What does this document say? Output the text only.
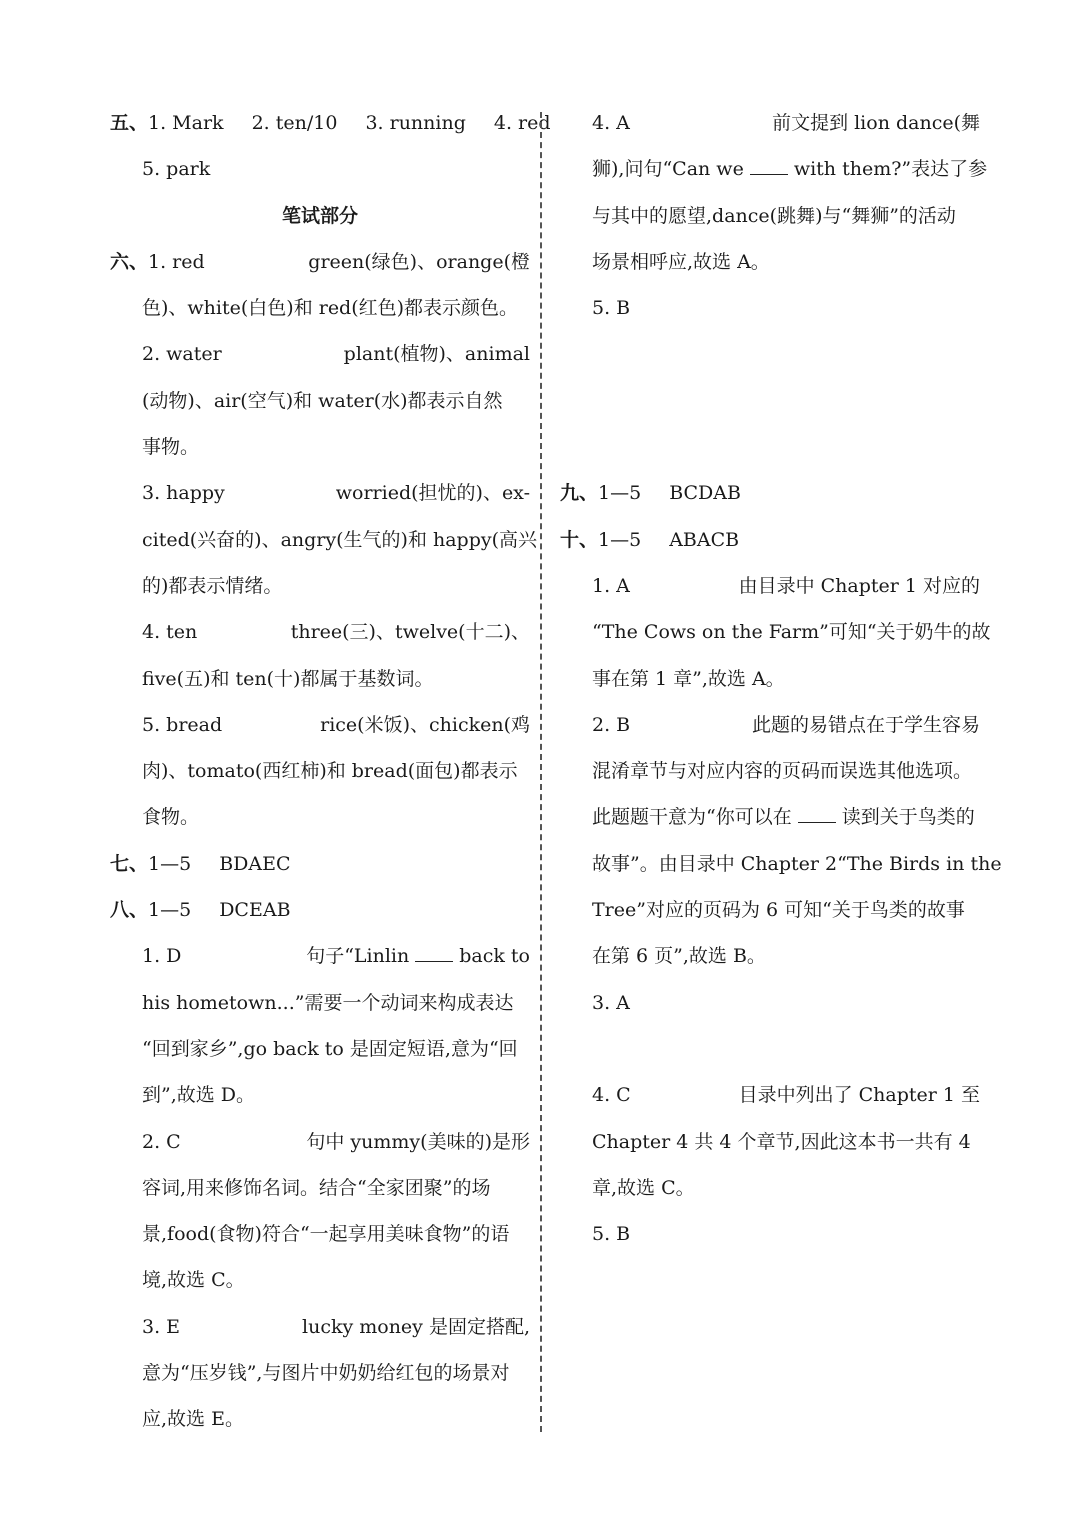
五、1. Mark 2. ten/10 3. running 4. red
5. park
笔试部分
六、1. red	green(绿色)、orange(橙
色)、white(白色)和 red(红色)都表示颜色。
2. water	plant(植物)、animal
(动物)、air(空气)和 water(水)都表示自然
事物。
3. happy	worried(担忧的)、ex-
cited(兴奋的)、angry(生气的)和 happy(高兴
的)都表示情绪。
4. ten	three(三)、twelve(十二)、
five(五)和 ten(十)都属于基数词。
5. bread	rice(米饭)、chicken(鸡
肉)、tomato(西红柿)和 bread(面包)都表示
食物。
七、1—5 BDAEC
八、1—5 DCEAB
1. D	句子“Linlin	back to
his hometown...”需要一个动词来构成表达
“回到家乡”,go back to 是固定短语,意为“回
到”,故选 D。
2. C	句中 yummy(美味的)是形
容词,用来修饰名词。结合“全家团聚”的场
景,food(食物)符合“一起享用美味食物”的语
境,故选 C。
3. E	lucky money 是固定搭配,
意为“压岁钱”,与图片中奶奶给红包的场景对
应,故选 E。
4. A	前文提到 lion dance(舞
狮),问句“Can we	with them?”表达了参
与其中的愿望,dance(跳舞)与“舞狮”的活动
场景相呼应,故选 A。
5. B
九、1—5 BCDAB
十、1—5 ABACB
1. A	由目录中 Chapter 1 对应的
“The Cows on the Farm”可知“关于奶牛的故
事在第 1 章”,故选 A。
2. B	此题的易错点在于学生容易
混淆章节与对应内容的页码而误选其他选项。
此题题干意为“你可以在	读到关于鸟类的
故事”。由目录中 Chapter 2“The Birds in the
Tree”对应的页码为 6 可知“关于鸟类的故事
在第 6 页”,故选 B。
3. A
4. C	目录中列出了 Chapter 1 至
Chapter 4 共 4 个章节,因此这本书一共有 4
章,故选 C。
5. B
